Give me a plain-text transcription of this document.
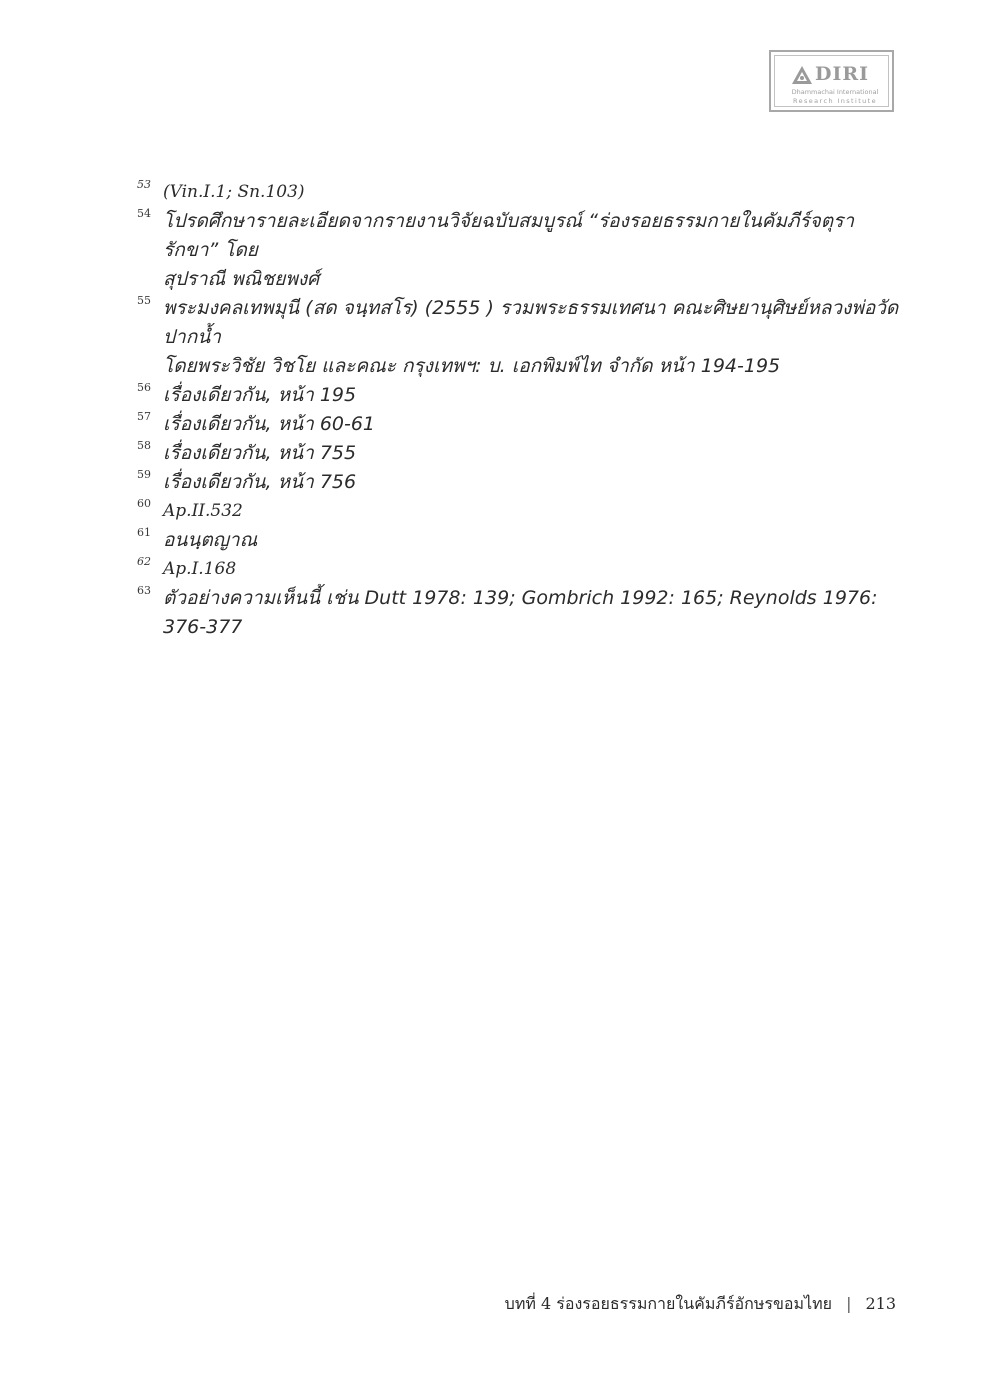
DIRI
Dhammachai International
Research Institute
53 (Vin.I.1; Sn.103)
54 โปรดศึกษารายละเอียดจากรายงานวิจัยฉบับสมบูรณ์ “ร่องรอยธรรมกายในคัมภีร์จตุรารักขา” โดย
สุปราณี พณิชยพงศ์
55 พระมงคลเทพมุนี (สด จนฺทสโร) (2555 ) รวมพระธรรมเทศนา คณะศิษยานุศิษย์หลวงพ่อวัดปากน้ำ
โดยพระวิชัย วิชโย และคณะ กรุงเทพฯ: บ. เอกพิมพ์ไท จำกัด หน้า 194-195
56 เรื่องเดียวกัน, หน้า 195
57 เรื่องเดียวกัน, หน้า 60-61
58 เรื่องเดียวกัน, หน้า 755
59 เรื่องเดียวกัน, หน้า 756
60 Ap.II.532
61 อนนฺตญาณ
62 Ap.I.168
63 ตัวอย่างความเห็นนี้ เช่น Dutt 1978: 139; Gombrich 1992: 165; Reynolds 1976: 376-377
บทที่ 4 ร่องรอยธรรมกายในคัมภีร์อักษรขอมไทย | 213
